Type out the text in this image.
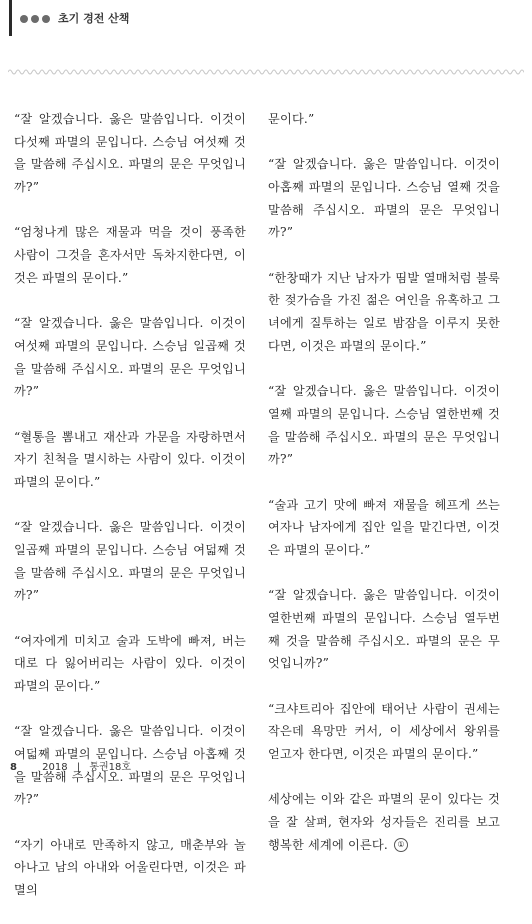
초기 경전 산책

“잘 알겠습니다. 옳은 말씀입니다. 이것이 다섯째 파멸의 문입니다. 스승님 여섯째 것을 말씀해 주십시오. 파멸의 문은 무엇입니까?”

“엄청나게 많은 재물과 먹을 것이 풍족한 사람이 그것을 혼자서만 독차지한다면, 이것은 파멸의 문이다.”

“잘 알겠습니다. 옳은 말씀입니다. 이것이 여섯째 파멸의 문입니다. 스승님 일곱째 것을 말씀해 주십시오. 파멸의 문은 무엇입니까?”

“혈통을 뽐내고 재산과 가문을 자랑하면서 자기 친척을 멸시하는 사람이 있다. 이것이 파멸의 문이다.”

“잘 알겠습니다. 옳은 말씀입니다. 이것이 일곱째 파멸의 문입니다. 스승님 여덟째 것을 말씀해 주십시오. 파멸의 문은 무엇입니까?”

“여자에게 미치고 술과 도박에 빠져, 버는 대로 다 잃어버리는 사람이 있다. 이것이 파멸의 문이다.”

“잘 알겠습니다. 옳은 말씀입니다. 이것이 여덟째 파멸의 문입니다. 스승님 아홉째 것을 말씀해 주십시오. 파멸의 문은 무엇입니까?”

“자기 아내로 만족하지 않고, 매춘부와 놀아나고 남의 아내와 어울린다면, 이것은 파멸의

문이다.”

“잘 알겠습니다. 옳은 말씀입니다. 이것이 아홉째 파멸의 문입니다. 스승님 열째 것을 말씀해 주십시오. 파멸의 문은 무엇입니까?”

“한창때가 지난 남자가 띰발 열매처럼 불룩한 젖가슴을 가진 젊은 여인을 유혹하고 그녀에게 질투하는 일로 밤잠을 이루지 못한다면, 이것은 파멸의 문이다.”

“잘 알겠습니다. 옳은 말씀입니다. 이것이 열째 파멸의 문입니다. 스승님 열한번째 것을 말씀해 주십시오. 파멸의 문은 무엇입니까?”

“술과 고기 맛에 빠져 재물을 헤프게 쓰는 여자나 남자에게 집안 일을 맡긴다면, 이것은 파멸의 문이다.”

“잘 알겠습니다. 옳은 말씀입니다. 이것이 열한번째 파멸의 문입니다. 스승님 열두번째 것을 말씀해 주십시오. 파멸의 문은 무엇입니까?”

“크샤트리아 집안에 태어난 사람이 권세는 작은데 욕망만 커서, 이 세상에서 왕위를 얻고자 한다면, 이것은 파멸의 문이다.”

세상에는 이와 같은 파멸의 문이 있다는 것을 잘 살펴, 현자와 성자들은 진리를 보고 행복한 세계에 이른다. ①

8	2018 | 통권18호
